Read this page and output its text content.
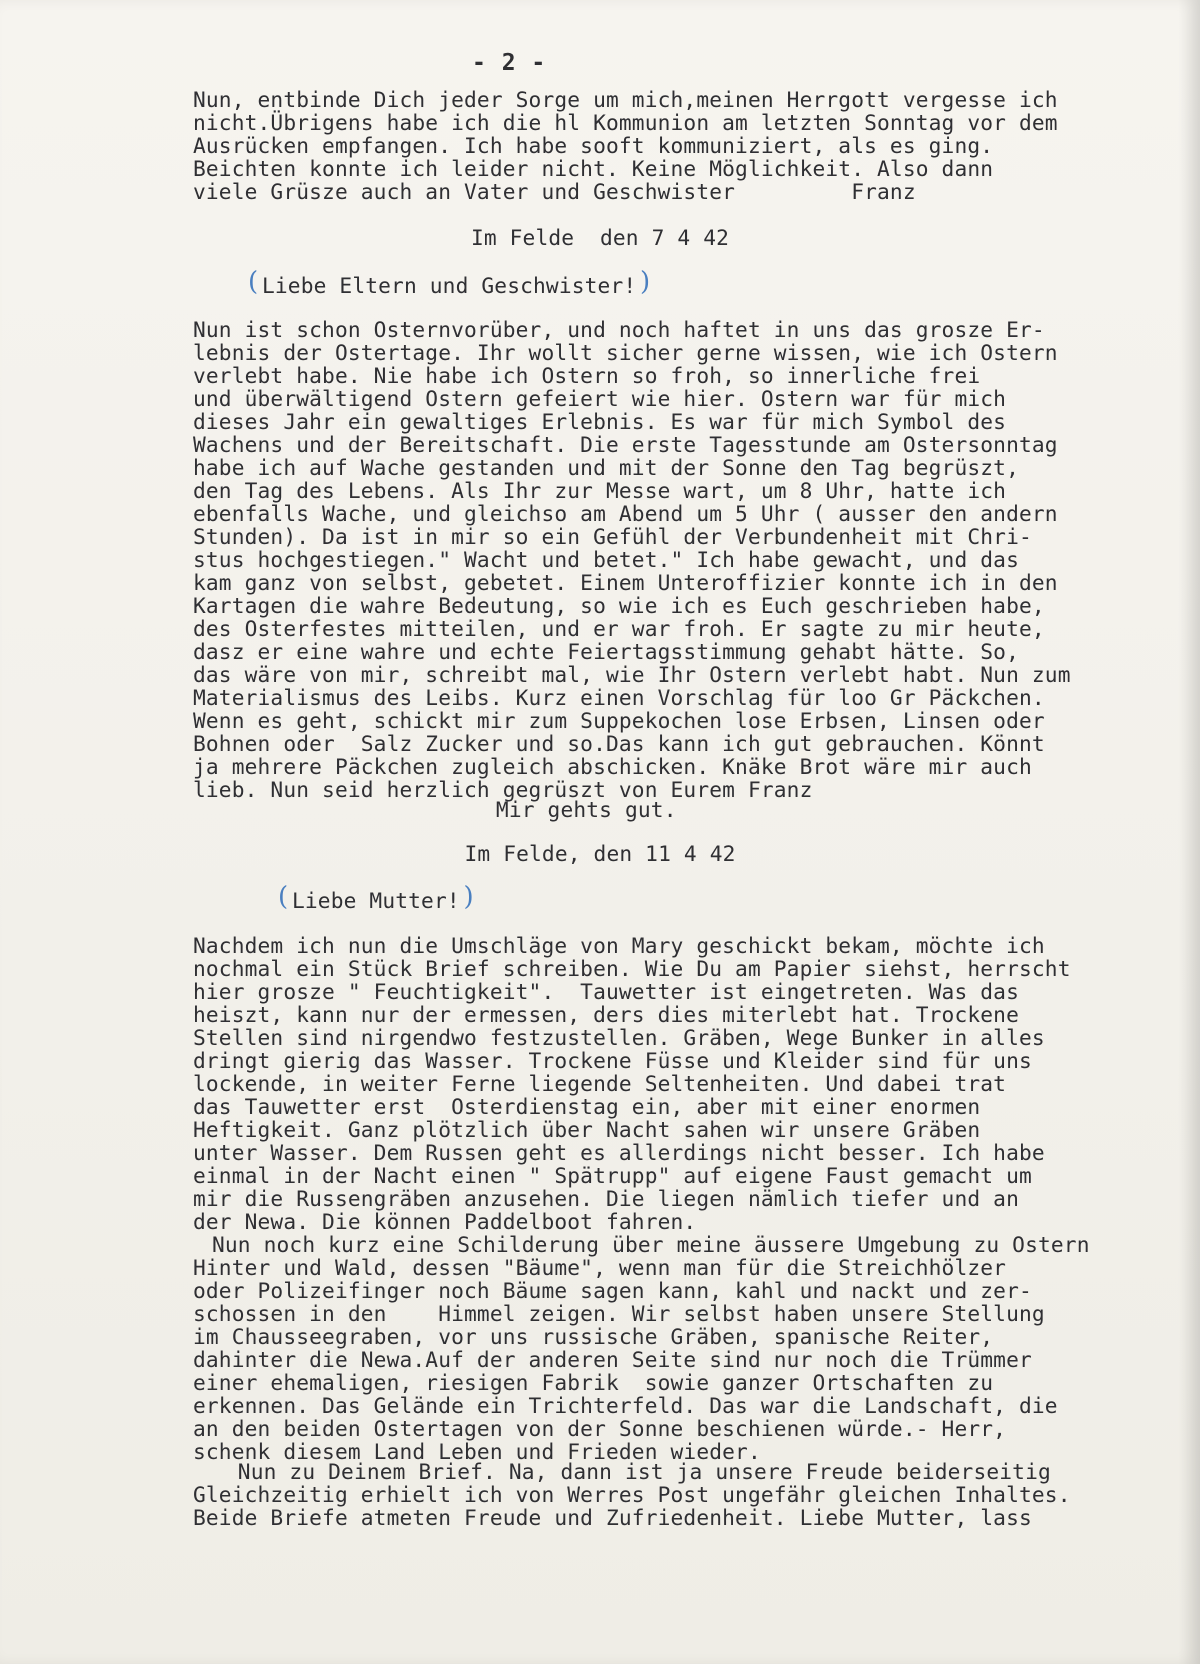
- 2 -
Nun, entbinde Dich jeder Sorge um mich,meinen Herrgott vergesse ich
nicht.Übrigens habe ich die hl Kommunion am letzten Sonntag vor dem
Ausrücken empfangen. Ich habe sooft kommuniziert, als es ging.
Beichten konnte ich leider nicht. Keine Möglichkeit. Also dann
viele Grüsze auch an Vater und Geschwister         Franz
Im Felde  den 7 4 42
( Liebe Eltern und Geschwister! )
Nun ist schon Osternvorüber, und noch haftet in uns das grosze Er-
lebnis der Ostertage. Ihr wollt sicher gerne wissen, wie ich Ostern
verlebt habe. Nie habe ich Ostern so froh, so innerliche frei
und überwältigend Ostern gefeiert wie hier. Ostern war für mich
dieses Jahr ein gewaltiges Erlebnis. Es war für mich Symbol des
Wachens und der Bereitschaft. Die erste Tagesstunde am Ostersonntag
habe ich auf Wache gestanden und mit der Sonne den Tag begrüszt,
den Tag des Lebens. Als Ihr zur Messe wart, um 8 Uhr, hatte ich
ebenfalls Wache, und gleichso am Abend um 5 Uhr ( ausser den andern
Stunden). Da ist in mir so ein Gefühl der Verbundenheit mit Chri-
stus hochgestiegen." Wacht und betet." Ich habe gewacht, und das
kam ganz von selbst, gebetet. Einem Unteroffizier konnte ich in den
Kartagen die wahre Bedeutung, so wie ich es Euch geschrieben habe,
des Osterfestes mitteilen, und er war froh. Er sagte zu mir heute,
dasz er eine wahre und echte Feiertagsstimmung gehabt hätte. So,
das wäre von mir, schreibt mal, wie Ihr Ostern verlebt habt. Nun zum
Materialismus des Leibs. Kurz einen Vorschlag für loo Gr Päckchen.
Wenn es geht, schickt mir zum Suppekochen lose Erbsen, Linsen oder
Bohnen oder  Salz Zucker und so.Das kann ich gut gebrauchen. Könnt
ja mehrere Päckchen zugleich abschicken. Knäke Brot wäre mir auch
lieb. Nun seid herzlich gegrüszt von Eurem Franz
Mir gehts gut.
Im Felde, den 11 4 42
( Liebe Mutter! )
Nachdem ich nun die Umschläge von Mary geschickt bekam, möchte ich
nochmal ein Stück Brief schreiben. Wie Du am Papier siehst, herrscht
hier grosze " Feuchtigkeit".  Tauwetter ist eingetreten. Was das
heiszt, kann nur der ermessen, ders dies miterlebt hat. Trockene
Stellen sind nirgendwo festzustellen. Gräben, Wege Bunker in alles
dringt gierig das Wasser. Trockene Füsse und Kleider sind für uns
lockende, in weiter Ferne liegende Seltenheiten. Und dabei trat
das Tauwetter erst  Osterdienstag ein, aber mit einer enormen
Heftigkeit. Ganz plötzlich über Nacht sahen wir unsere Gräben
unter Wasser. Dem Russen geht es allerdings nicht besser. Ich habe
einmal in der Nacht einen " Spätrupp" auf eigene Faust gemacht um
mir die Russengräben anzusehen. Die liegen nämlich tiefer und an
der Newa. Die können Paddelboot fahren.
Nun noch kurz eine Schilderung über meine äussere Umgebung zu Ostern
Hinter und Wald, dessen "Bäume", wenn man für die Streichhölzer
oder Polizeifinger noch Bäume sagen kann, kahl und nackt und zer-
schossen in den    Himmel zeigen. Wir selbst haben unsere Stellung
im Chausseegraben, vor uns russische Gräben, spanische Reiter,
dahinter die Newa.Auf der anderen Seite sind nur noch die Trümmer
einer ehemaligen, riesigen Fabrik  sowie ganzer Ortschaften zu
erkennen. Das Gelände ein Trichterfeld. Das war die Landschaft, die
an den beiden Ostertagen von der Sonne beschienen würde.- Herr,
schenk diesem Land Leben und Frieden wieder.
Nun zu Deinem Brief. Na, dann ist ja unsere Freude beiderseitig
Gleichzeitig erhielt ich von Werres Post ungefähr gleichen Inhaltes.
Beide Briefe atmeten Freude und Zufriedenheit. Liebe Mutter, lass
